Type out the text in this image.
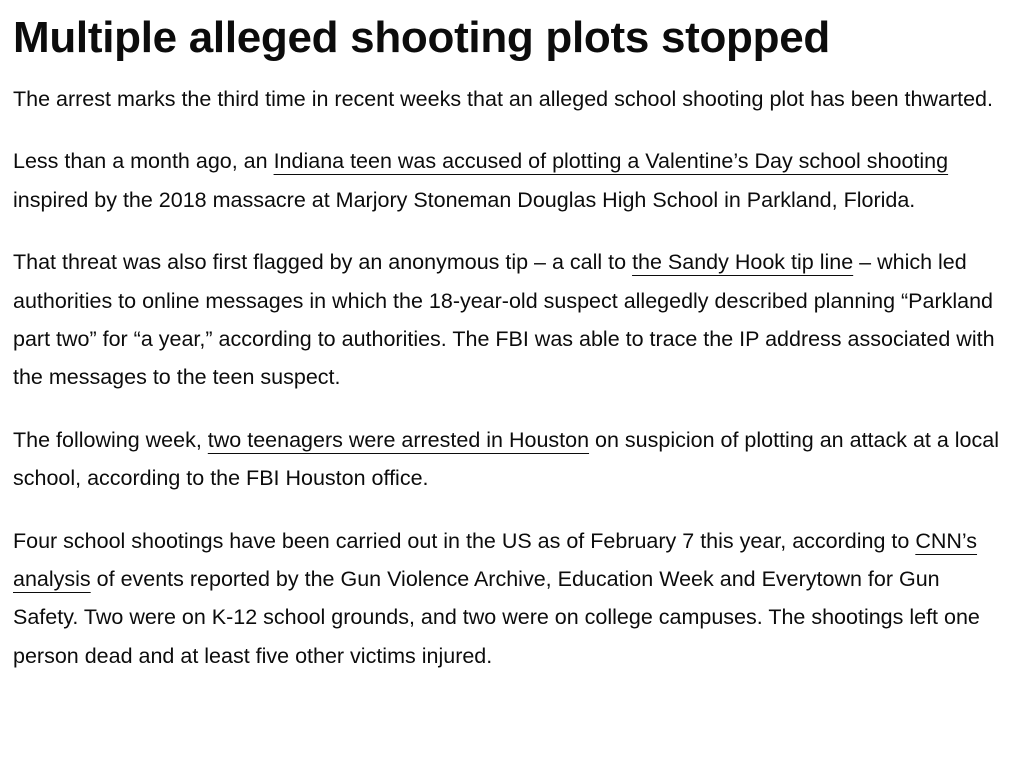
Multiple alleged shooting plots stopped

The arrest marks the third time in recent weeks that an alleged school shooting plot has been thwarted.

Less than a month ago, an Indiana teen was accused of plotting a Valentine’s Day school shooting inspired by the 2018 massacre at Marjory Stoneman Douglas High School in Parkland, Florida.

That threat was also first flagged by an anonymous tip – a call to the Sandy Hook tip line – which led authorities to online messages in which the 18-year-old suspect allegedly described planning “Parkland part two” for “a year,” according to authorities. The FBI was able to trace the IP address associated with the messages to the teen suspect.

The following week, two teenagers were arrested in Houston on suspicion of plotting an attack at a local school, according to the FBI Houston office.

Four school shootings have been carried out in the US as of February 7 this year, according to CNN’s analysis of events reported by the Gun Violence Archive, Education Week and Everytown for Gun Safety. Two were on K-12 school grounds, and two were on college campuses. The shootings left one person dead and at least five other victims injured.
